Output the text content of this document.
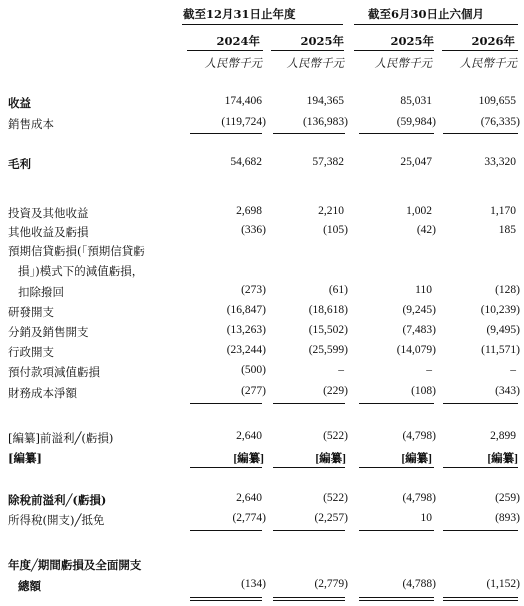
截至12月31日止年度	截至6月30日止六個月
2024年	2025年	2025年	2026年
人民幣千元	人民幣千元	人民幣千元	人民幣千元
收益	174,406	194,365	85,031	109,655
銷售成本	(119,724)	(136,983)	(59,984)	(76,335)
毛利	54,682	57,382	25,047	33,320
投資及其他收益	2,698	2,210	1,002	1,170
其他收益及虧損	(336)	(105)	(42)	185
預期信貸虧損(「預期信貸虧
損」)模式下的減值虧損，
扣除撥回	(273)	(61)	110	(128)
研發開支	(16,847)	(18,618)	(9,245)	(10,239)
分銷及銷售開支	(13,263)	(15,502)	(7,483)	(9,495)
行政開支	(23,244)	(25,599)	(14,079)	(11,571)
預付款項減值虧損	(500)	–	–	–
財務成本淨額	(277)	(229)	(108)	(343)
[編纂]前溢利╱(虧損)	2,640	(522)	(4,798)	2,899
[編纂]	[編纂]	[編纂]	[編纂]	[編纂]
除稅前溢利╱(虧損)	2,640	(522)	(4,798)	(259)
所得稅(開支)╱抵免	(2,774)	(2,257)	10	(893)
年度╱期間虧損及全面開支
總額	(134)	(2,779)	(4,788)	(1,152)
